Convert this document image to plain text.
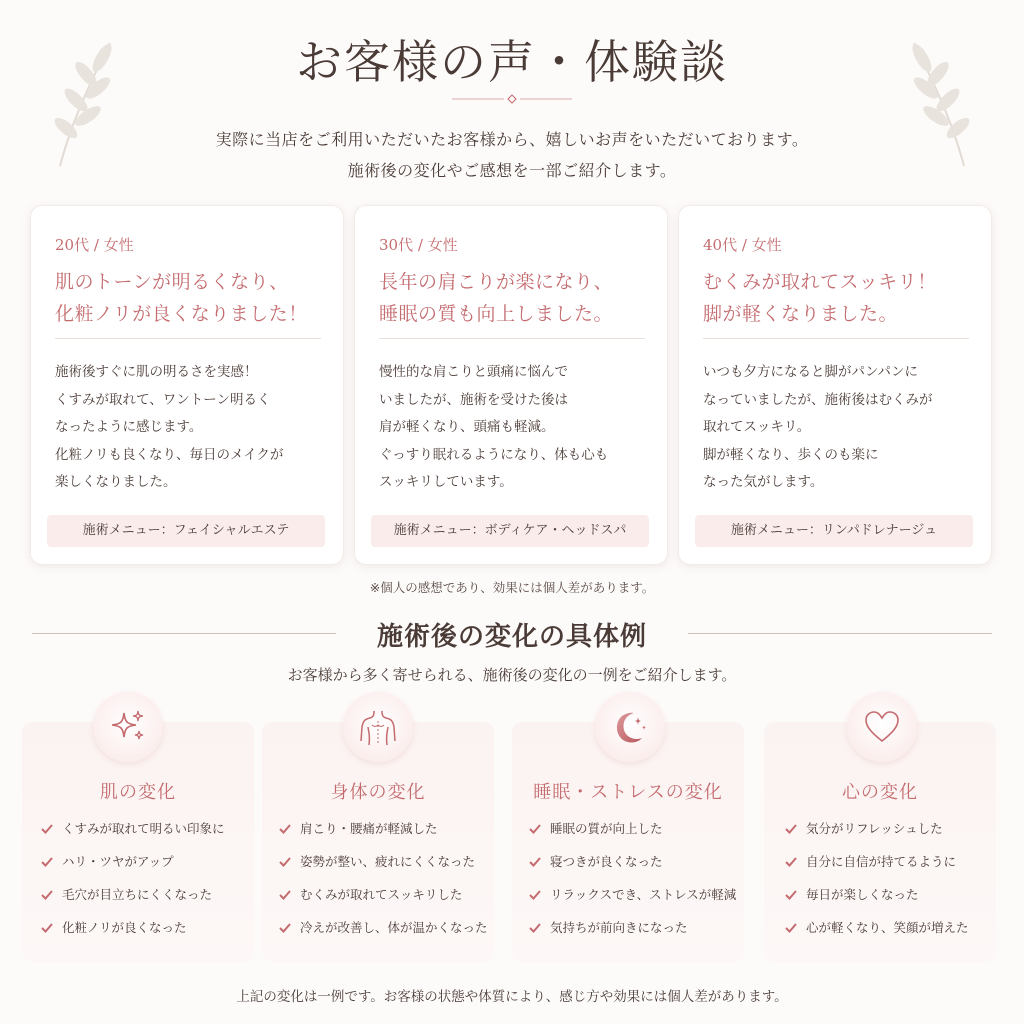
お客様の声・体験談

実際に当店をご利用いただいたお客様から、嬉しいお声をいただいております。

施術後の変化やご感想を一部ご紹介します。

20代 / 女性
肌のトーンが明るくなり、
化粧ノリが良くなりました！
施術後すぐに肌の明るさを実感！
くすみが取れて、ワントーン明るく
なったように感じます。
化粧ノリも良くなり、毎日のメイクが
楽しくなりました。
施術メニュー：フェイシャルエステ
30代 / 女性
長年の肩こりが楽になり、
睡眠の質も向上しました。
慢性的な肩こりと頭痛に悩んで
いましたが、施術を受けた後は
肩が軽くなり、頭痛も軽減。
ぐっすり眠れるようになり、体も心も
スッキリしています。
施術メニュー：ボディケア・ヘッドスパ
40代 / 女性
むくみが取れてスッキリ！
脚が軽くなりました。
いつも夕方になると脚がパンパンに
なっていましたが、施術後はむくみが
取れてスッキリ。
脚が軽くなり、歩くのも楽に
なった気がします。
施術メニュー：リンパドレナージュ

※個人の感想であり、効果には個人差があります。

施術後の変化の具体例

お客様から多く寄せられる、施術後の変化の一例をご紹介します。

肌の変化
くすみが取れて明るい印象に
ハリ・ツヤがアップ
毛穴が目立ちにくくなった
化粧ノリが良くなった
身体の変化
肩こり・腰痛が軽減した
姿勢が整い、疲れにくくなった
むくみが取れてスッキリした
冷えが改善し、体が温かくなった
睡眠・ストレスの変化
睡眠の質が向上した
寝つきが良くなった
リラックスでき、ストレスが軽減
気持ちが前向きになった
心の変化
気分がリフレッシュした
自分に自信が持てるように
毎日が楽しくなった
心が軽くなり、笑顔が増えた

上記の変化は一例です。お客様の状態や体質により、感じ方や効果には個人差があります。
